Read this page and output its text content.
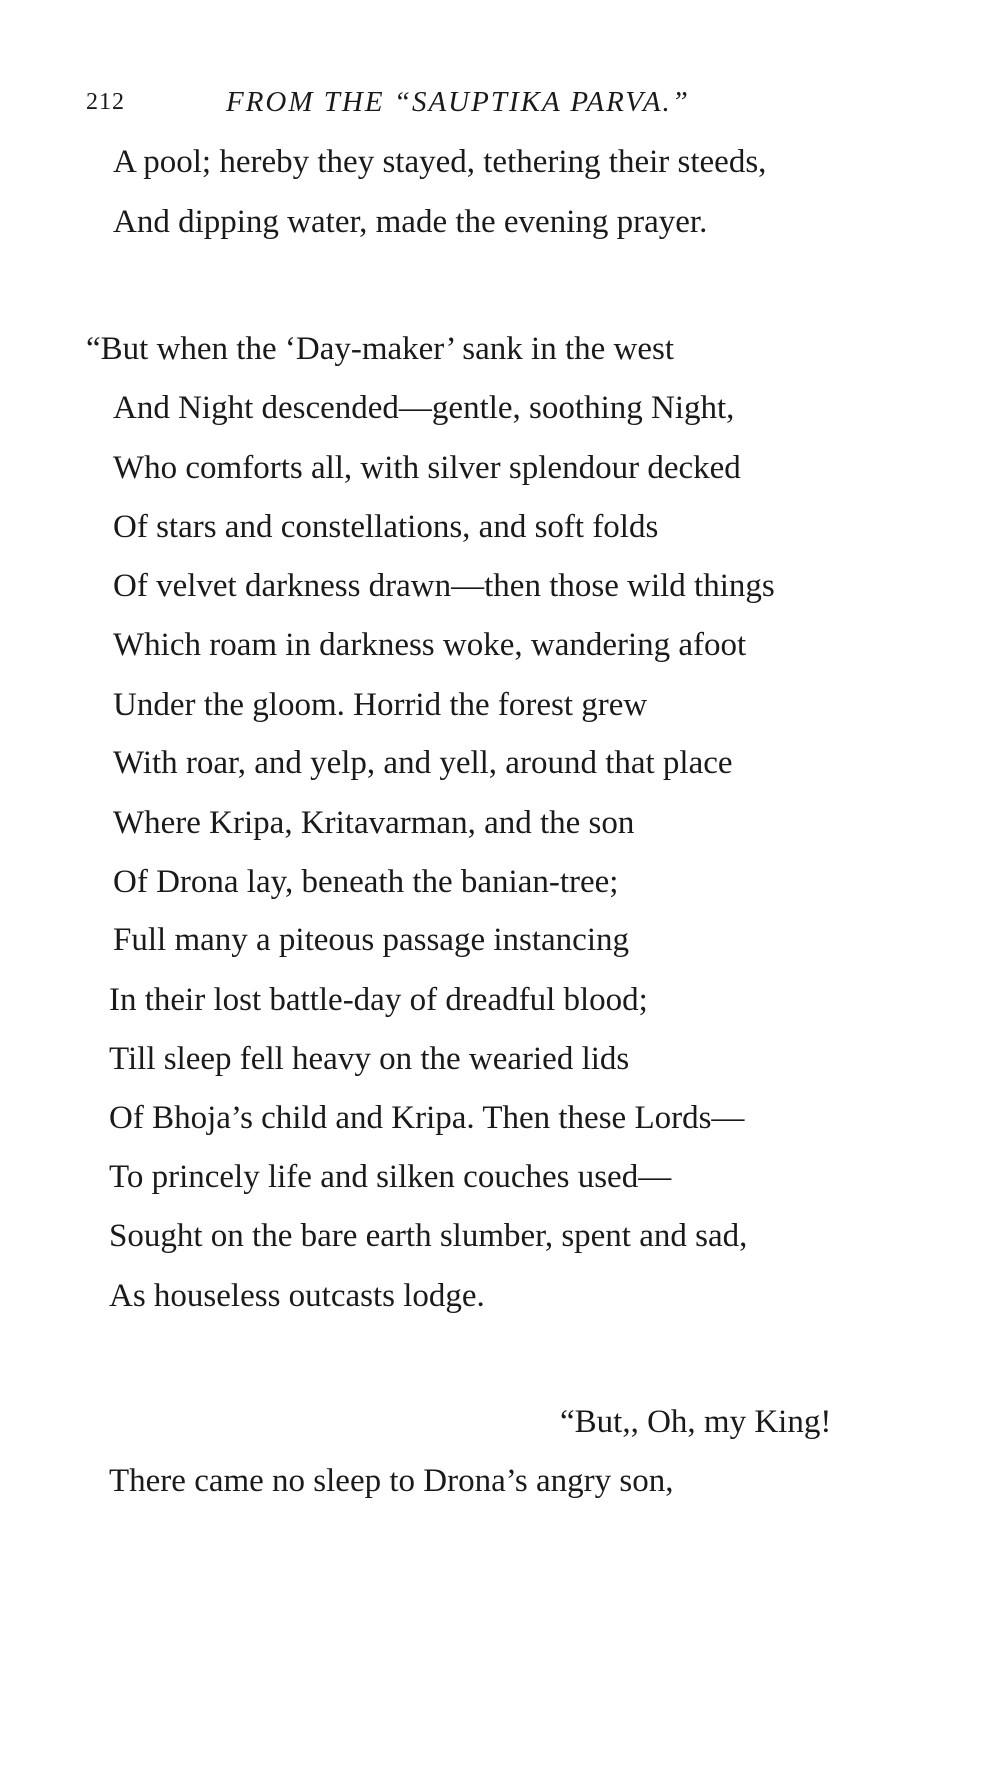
212	FROM THE “SAUPTIKA PARVA.”
A pool; hereby they stayed, tethering their steeds,
And dipping water, made the evening prayer.
“But when the ‘Day-maker’ sank in the west
And Night descended—gentle, soothing Night,
Who comforts all, with silver splendour decked
Of stars and constellations, and soft folds
Of velvet darkness drawn—then those wild things
Which roam in darkness woke, wandering afoot
Under the gloom. Horrid the forest grew
With roar, and yelp, and yell, around that place
Where Kripa, Kritavarman, and the son
Of Drona lay, beneath the banian-tree;
Full many a piteous passage instancing
In their lost battle-day of dreadful blood;
Till sleep fell heavy on the wearied lids
Of Bhoja’s child and Kripa. Then these Lords—
To princely life and silken couches used—
Sought on the bare earth slumber, spent and sad,
As houseless outcasts lodge.
“But,, Oh, my King!
There came no sleep to Drona’s angry son,
